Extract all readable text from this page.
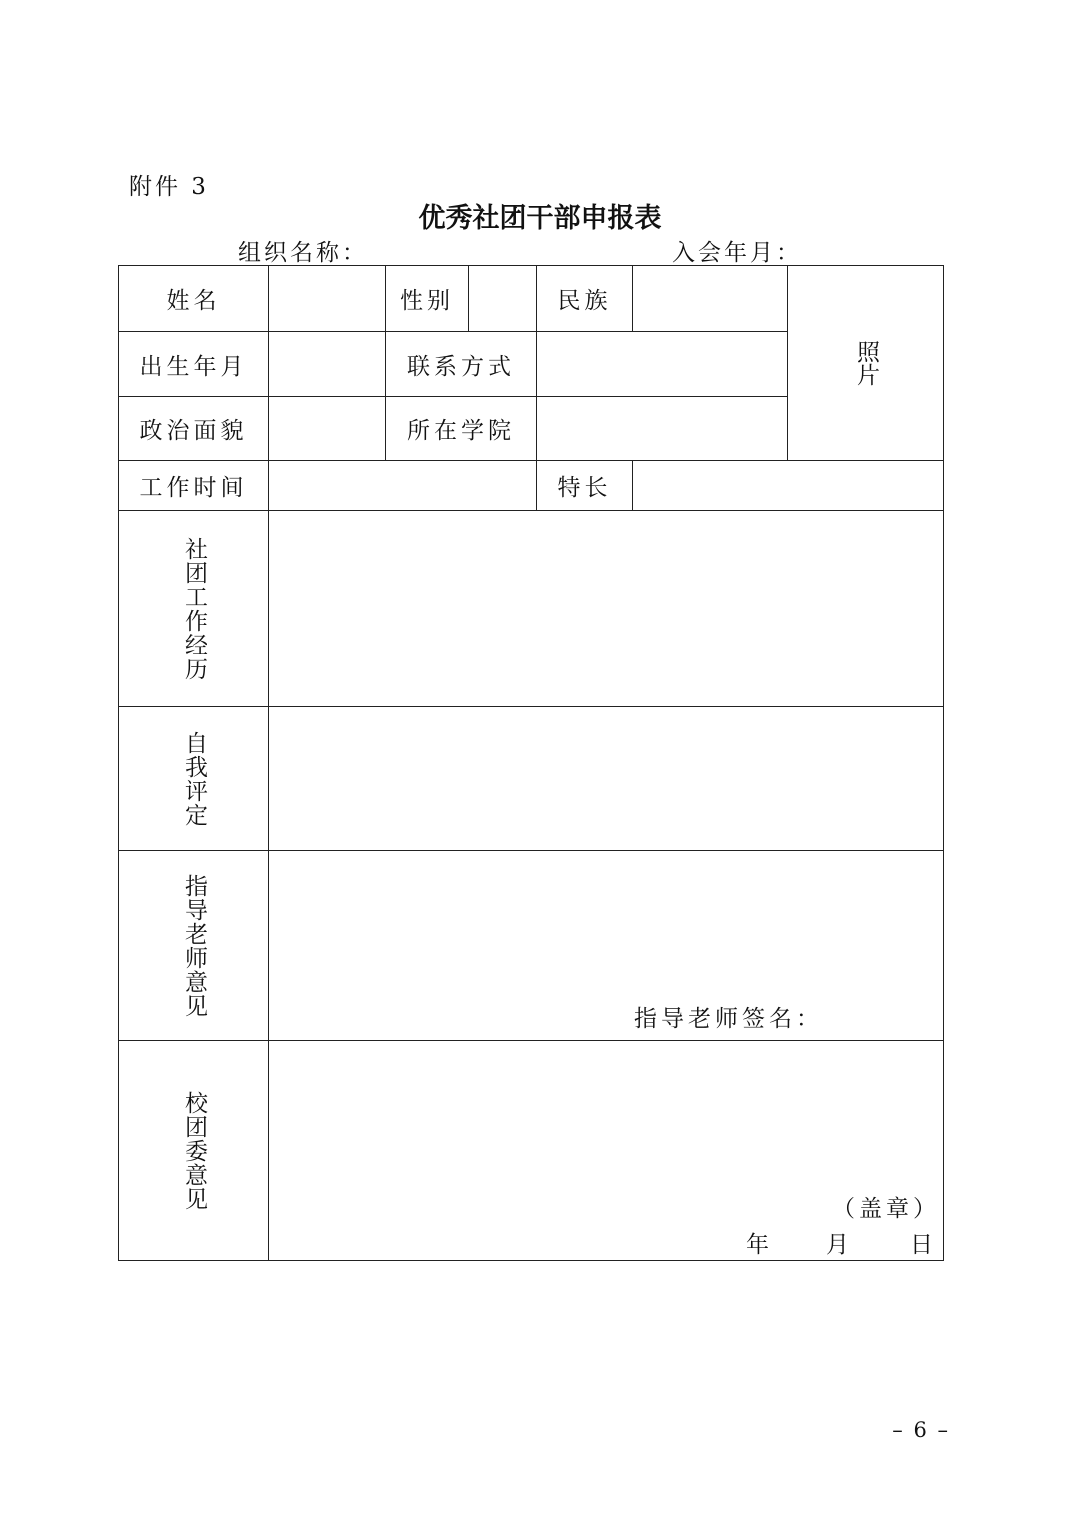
附件 3
优秀社团干部申报表
组织名称：	入会年月：
姓名	性别	民族
照片
出生年月	联系方式
政治面貌	所在学院
工作时间	特长
社团工作经历
自我评定
指导老师意见
指导老师签名：
校团委意见	（盖章）
年 月	日
– 6 –
